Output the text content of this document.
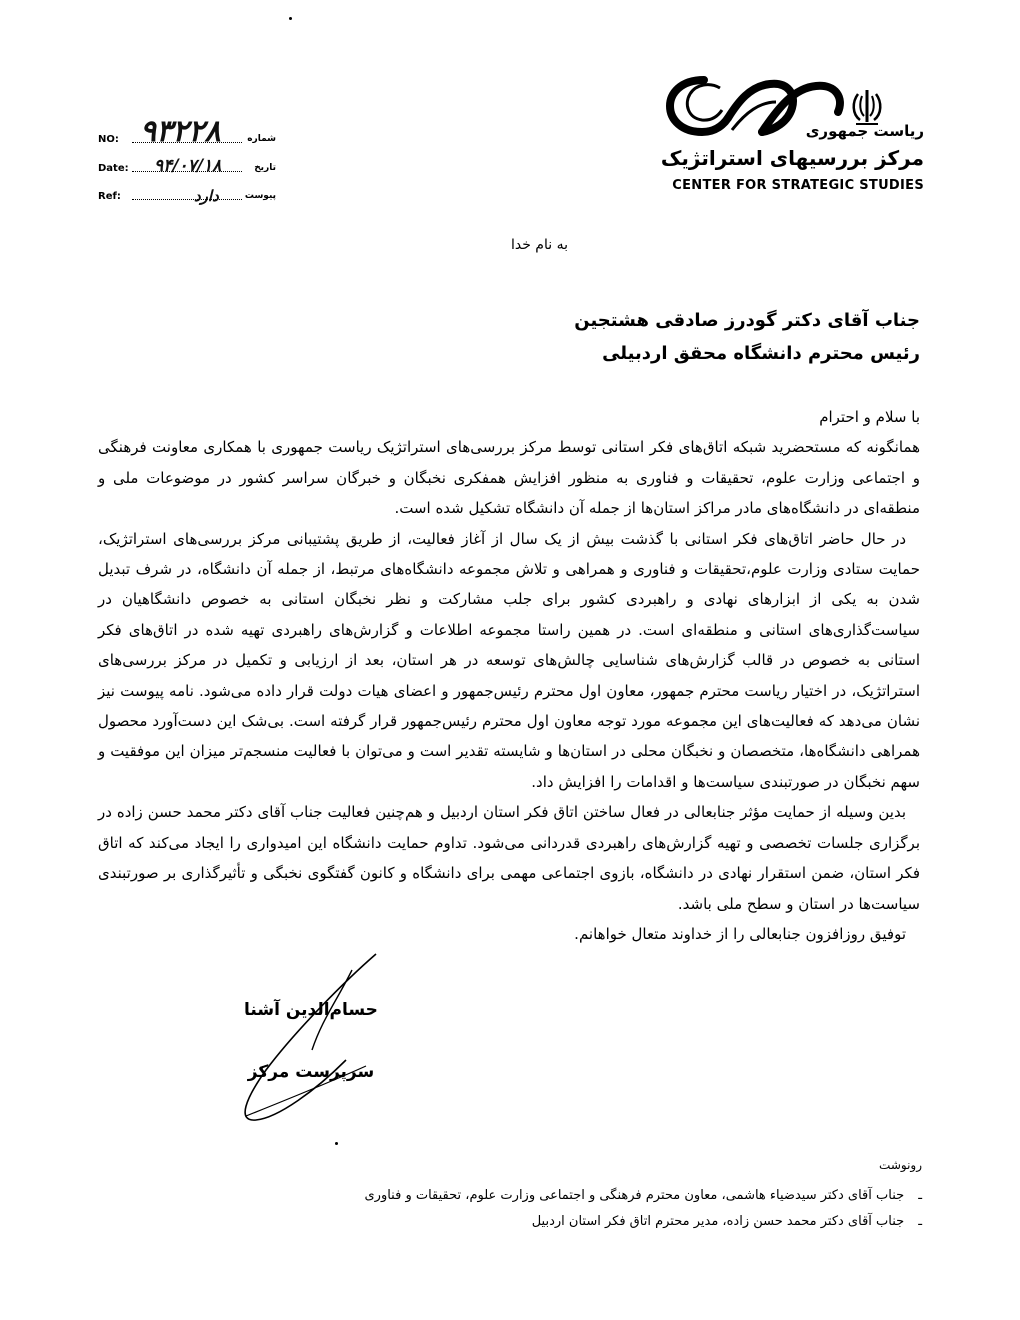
ریاست جمهوری
مرکز بررسیهای استراتژیک
CENTER FOR STRATEGIC STUDIES
NO: ۹۳۲۲۸	شماره
Date: ۹۴/۰۷/۱۸	تاریخ
Ref:	دارد	پیوست
به نام خدا
جناب آقای دکتر گودرز صادقی هشتجین
رئیس محترم دانشگاه محقق اردبیلی

با سلام و احترام

همانگونه که مستحضرید شبکه اتاق‌های فکر استانی توسط مرکز بررسی‌های استراتژیک ریاست جمهوری با همکاری معاونت فرهنگی و اجتماعی وزارت علوم، تحقیقات و فناوری به منظور افزایش همفکری نخبگان و خبرگان سراسر کشور در موضوعات ملی و منطقه‌ای در دانشگاه‌های مادر مراکز استان‌ها از جمله آن دانشگاه تشکیل شده است.

در حال حاضر اتاق‌های فکر استانی با گذشت بیش از یک سال از آغاز فعالیت، از طریق پشتیبانی مرکز بررسی‌های استراتژیک، حمایت ستادی وزارت علوم،تحقیقات و فناوری و همراهی و تلاش مجموعه دانشگاه‌های مرتبط، از جمله آن دانشگاه، در شرف تبدیل شدن به یکی از ابزارهای نهادی و راهبردی کشور برای جلب مشارکت و نظر نخبگان استانی به خصوص دانشگاهیان در سیاست‌گذاری‌های استانی و منطقه‌ای است. در همین راستا مجموعه اطلاعات و گزارش‌های راهبردی تهیه شده در اتاق‌های فکر استانی به خصوص در قالب گزارش‌های شناسایی چالش‌های توسعه در هر استان، بعد از ارزیابی و تکمیل در مرکز بررسی‌های استراتژیک، در اختیار ریاست محترم جمهور، معاون اول محترم رئیس‌جمهور و اعضای هیات دولت قرار داده می‌شود. نامه پیوست نیز نشان می‌دهد که فعالیت‌های این مجموعه مورد توجه معاون اول محترم رئیس‌جمهور قرار گرفته است. بی‌شک این دست‌آورد محصول همراهی دانشگاه‌ها، متخصصان و نخبگان محلی در استان‌ها و شایسته تقدیر است و می‌توان با فعالیت منسجم‌تر میزان این موفقیت و سهم نخبگان در صورتبندی سیاست‌ها و اقدامات را افزایش داد.

بدین وسیله از حمایت مؤثر جنابعالی در فعال ساختن اتاق فکر استان اردبیل و هم‌چنین فعالیت جناب آقای دکتر محمد حسن زاده در برگزاری جلسات تخصصی و تهیه گزارش‌های راهبردی قدردانی می‌شود. تداوم حمایت دانشگاه این امیدواری را ایجاد می‌کند که اتاق فکر استان، ضمن استقرار نهادی در دانشگاه، بازوی اجتماعی مهمی برای دانشگاه و کانون گفتگوی نخبگی و تأثیرگذاری بر صورتبندی سیاست‌ها در استان و سطح ملی باشد.

توفیق روزافزون جنابعالی را از خداوند متعال خواهانم.

حسام‌الدین آشنا
سرپرست مرکز
رونوشت
ـجناب آقای دکتر سیدضیاء هاشمی، معاون محترم فرهنگی و اجتماعی وزارت علوم، تحقیقات و فناوری
ـجناب آقای دکتر محمد حسن زاده، مدیر محترم اتاق فکر استان اردبیل
